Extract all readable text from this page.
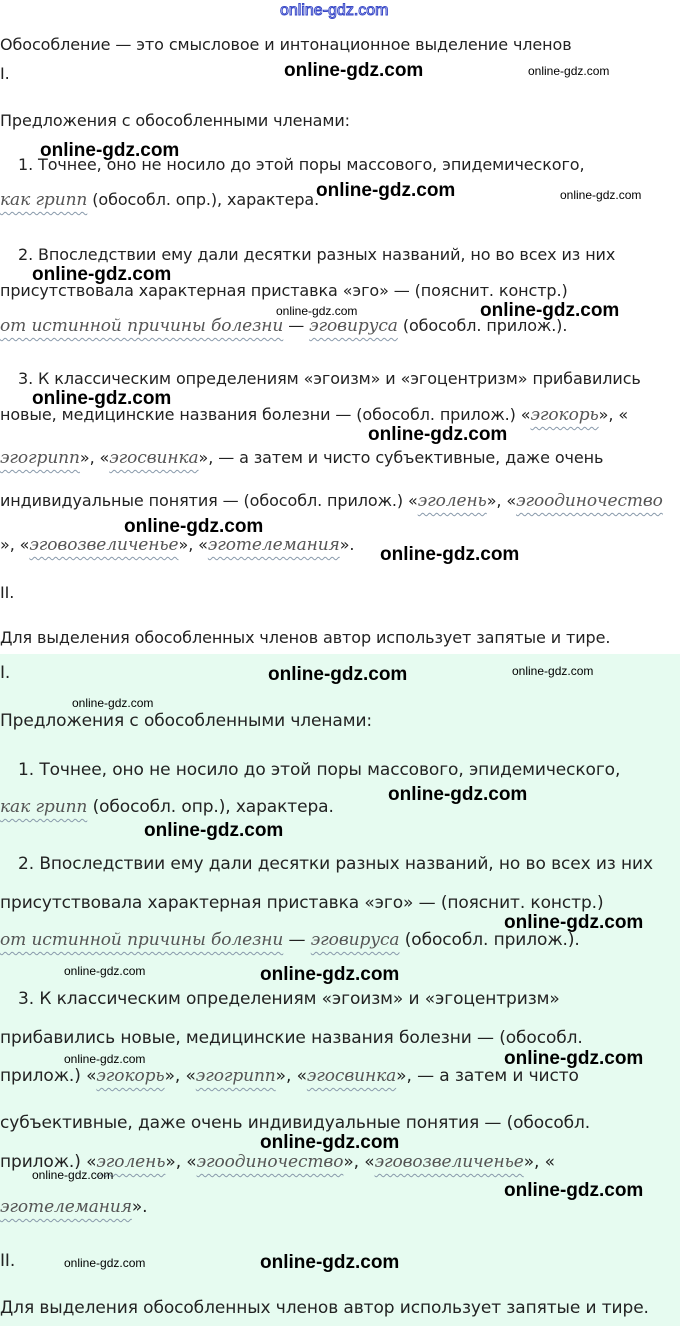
online-gdz.com
Обособление — это смысловое и интонационное выделение членов
I.
Предложения с обособленными членами:
1. Точнее, оно не носило до этой поры массового, эпидемического,
как грипп (обособл. опр.), характера.
2. Впоследствии ему дали десятки разных названий, но во всех из них
присутствовала характерная приставка «эго» — (пояснит. констр.)
от истинной причины болезни — эговируса (обособл. прилож.).
3. К классическим определениям «эгоизм» и «эгоцентризм» прибавились
новые, медицинские названия болезни — (обособл. прилож.) «эгокорь», «
эгогрипп», «эгосвинка», — а затем и чисто субъективные, даже очень
индивидуальные понятия — (обособл. прилож.) «эголень», «эгоодиночество
», «эговозвеличенье», «эготелемания».
II.
Для выделения обособленных членов автор использует запятые и тире.
I.
Предложения с обособленными членами:
1. Точнее, оно не носило до этой поры массового, эпидемического,
как грипп (обособл. опр.), характера.
2. Впоследствии ему дали десятки разных названий, но во всех из них
присутствовала характерная приставка «эго» — (пояснит. констр.)
от истинной причины болезни — эговируса (обособл. прилож.).
3. К классическим определениям «эгоизм» и «эгоцентризм»
прибавились новые, медицинские названия болезни — (обособл.
прилож.) «эгокорь», «эгогрипп», «эгосвинка», — а затем и чисто
субъективные, даже очень индивидуальные понятия — (обособл.
прилож.) «эголень», «эгоодиночество», «эговозвеличенье», «
эготелемания».
II.
Для выделения обособленных членов автор использует запятые и тире.
online-gdz.com	online-gdz.com
online-gdz.com
online-gdz.com	online-gdz.com
online-gdz.com
online-gdz.com	online-gdz.com
online-gdz.com
online-gdz.com
online-gdz.com
online-gdz.com
online-gdz.com	online-gdz.com
online-gdz.com
online-gdz.com
online-gdz.com
online-gdz.com
online-gdz.com	online-gdz.com
online-gdz.com	online-gdz.com
online-gdz.com
online-gdz.com
online-gdz.com
online-gdz.com	online-gdz.com
